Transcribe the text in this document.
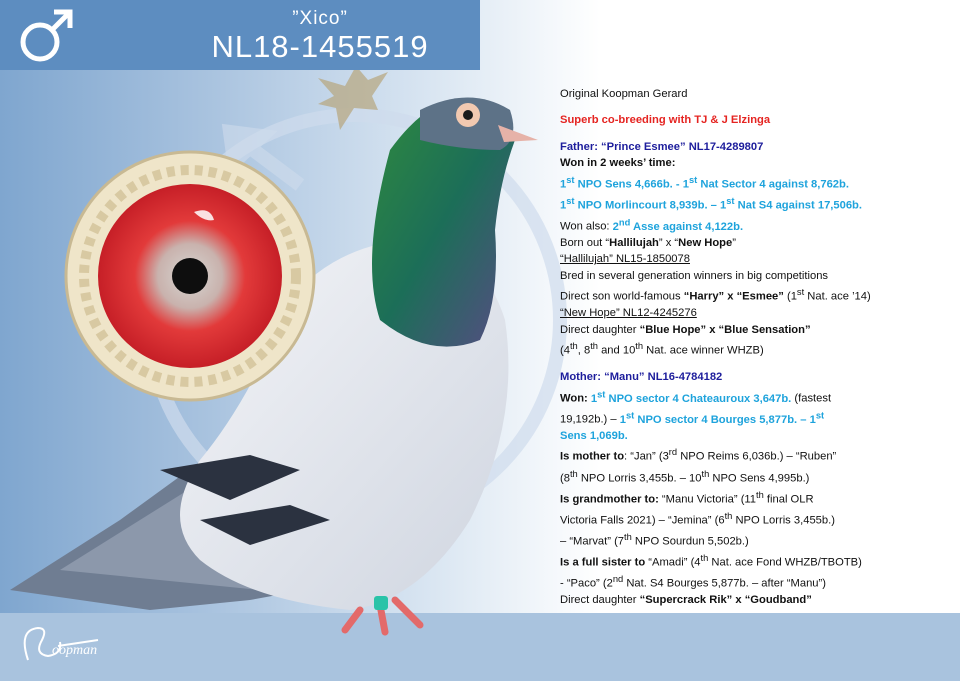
”Xico”
NL18-1455519
oopman

Original Koopman Gerard

Superb co-breeding with TJ & J Elzinga

Father: “Prince Esmee” NL17-4289807

Won in 2 weeks’ time:

1st NPO Sens 4,666b. - 1st Nat Sector 4 against 8,762b.

1st NPO Morlincourt 8,939b. – 1st Nat S4 against 17,506b.

Won also: 2nd Asse against 4,122b.

Born out “Hallilujah” x “New Hope”

“Hallilujah” NL15-1850078

Bred in several generation winners in big competitions

Direct son world-famous “Harry” x “Esmee” (1st Nat. ace ’14)

“New Hope” NL12-4245276

Direct daughter “Blue Hope” x “Blue Sensation”

(4th, 8th and 10th Nat. ace winner WHZB)

Mother: “Manu” NL16-4784182

Won: 1st NPO sector 4 Chateauroux 3,647b. (fastest

19,192b.) – 1st NPO sector 4 Bourges 5,877b. – 1st

Sens 1,069b.

Is mother to: “Jan” (3rd NPO Reims 6,036b.) – “Ruben”

(8th NPO Lorris 3,455b. – 10th NPO Sens 4,995b.)

Is grandmother to: “Manu Victoria” (11th final OLR

Victoria Falls 2021) – “Jemina” (6th NPO Lorris 3,455b.)

– “Marvat” (7th NPO Sourdun 5,502b.)

Is a full sister to “Amadi” (4th Nat. ace Fond WHZB/TBOTB)

- “Paco” (2nd Nat. S4 Bourges 5,877b. – after “Manu”)

Direct daughter “Supercrack Rik” x “Goudband”
